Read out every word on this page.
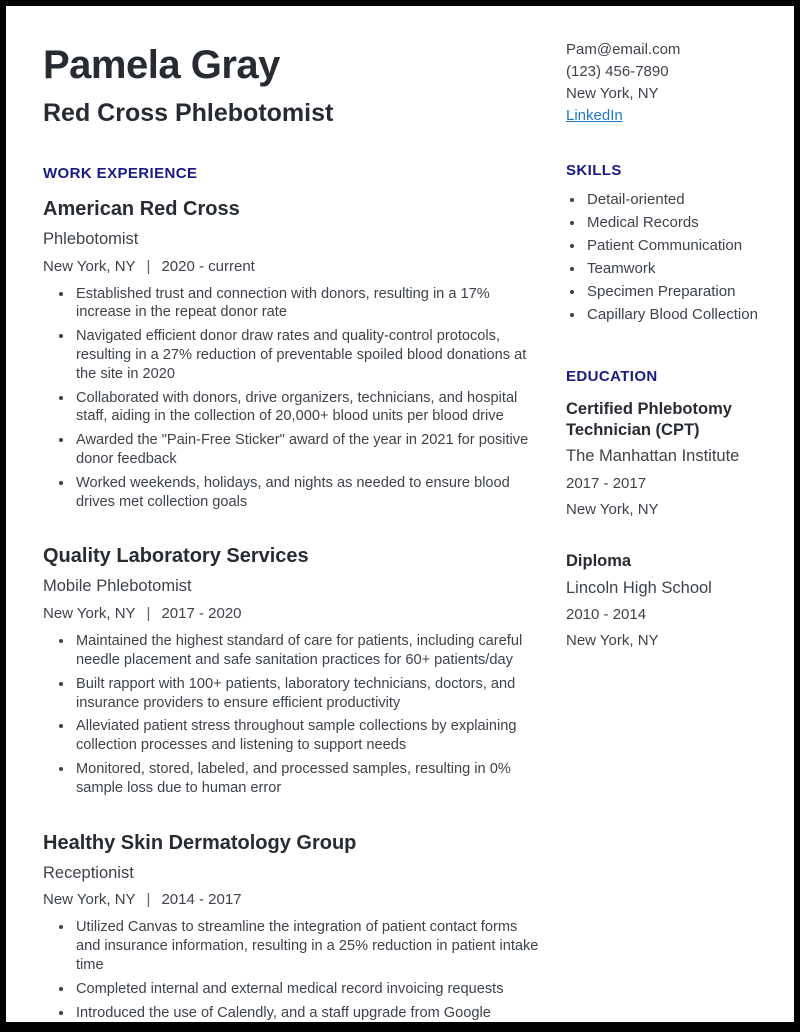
Pamela Gray
Red Cross Phlebotomist
WORK EXPERIENCE
American Red Cross
Phlebotomist
New York, NY | 2020 - current
• Established trust and connection with donors, resulting in a 17% increase in the repeat donor rate
• Navigated efficient donor draw rates and quality-control protocols, resulting in a 27% reduction of preventable spoiled blood donations at the site in 2020
• Collaborated with donors, drive organizers, technicians, and hospital staff, aiding in the collection of 20,000+ blood units per blood drive
• Awarded the "Pain-Free Sticker" award of the year in 2021 for positive donor feedback
• Worked weekends, holidays, and nights as needed to ensure blood drives met collection goals
Quality Laboratory Services
Mobile Phlebotomist
New York, NY | 2017 - 2020
• Maintained the highest standard of care for patients, including careful needle placement and safe sanitation practices for 60+ patients/day
• Built rapport with 100+ patients, laboratory technicians, doctors, and insurance providers to ensure efficient productivity
• Alleviated patient stress throughout sample collections by explaining collection processes and listening to support needs
• Monitored, stored, labeled, and processed samples, resulting in 0% sample loss due to human error
Healthy Skin Dermatology Group
Receptionist
New York, NY | 2014 - 2017
• Utilized Canvas to streamline the integration of patient contact forms and insurance information, resulting in a 25% reduction in patient intake time
• Completed internal and external medical record invoicing requests
• Introduced the use of Calendly, and a staff upgrade from Google Calendar to Microsoft Outlook Calendar
Pam@email.com
(123) 456-7890
New York, NY
LinkedIn
SKILLS
• Detail-oriented
• Medical Records
• Patient Communication
• Teamwork
• Specimen Preparation
• Capillary Blood Collection
EDUCATION
Certified Phlebotomy Technician (CPT)
The Manhattan Institute
2017 - 2017
New York, NY
Diploma
Lincoln High School
2010 - 2014
New York, NY
